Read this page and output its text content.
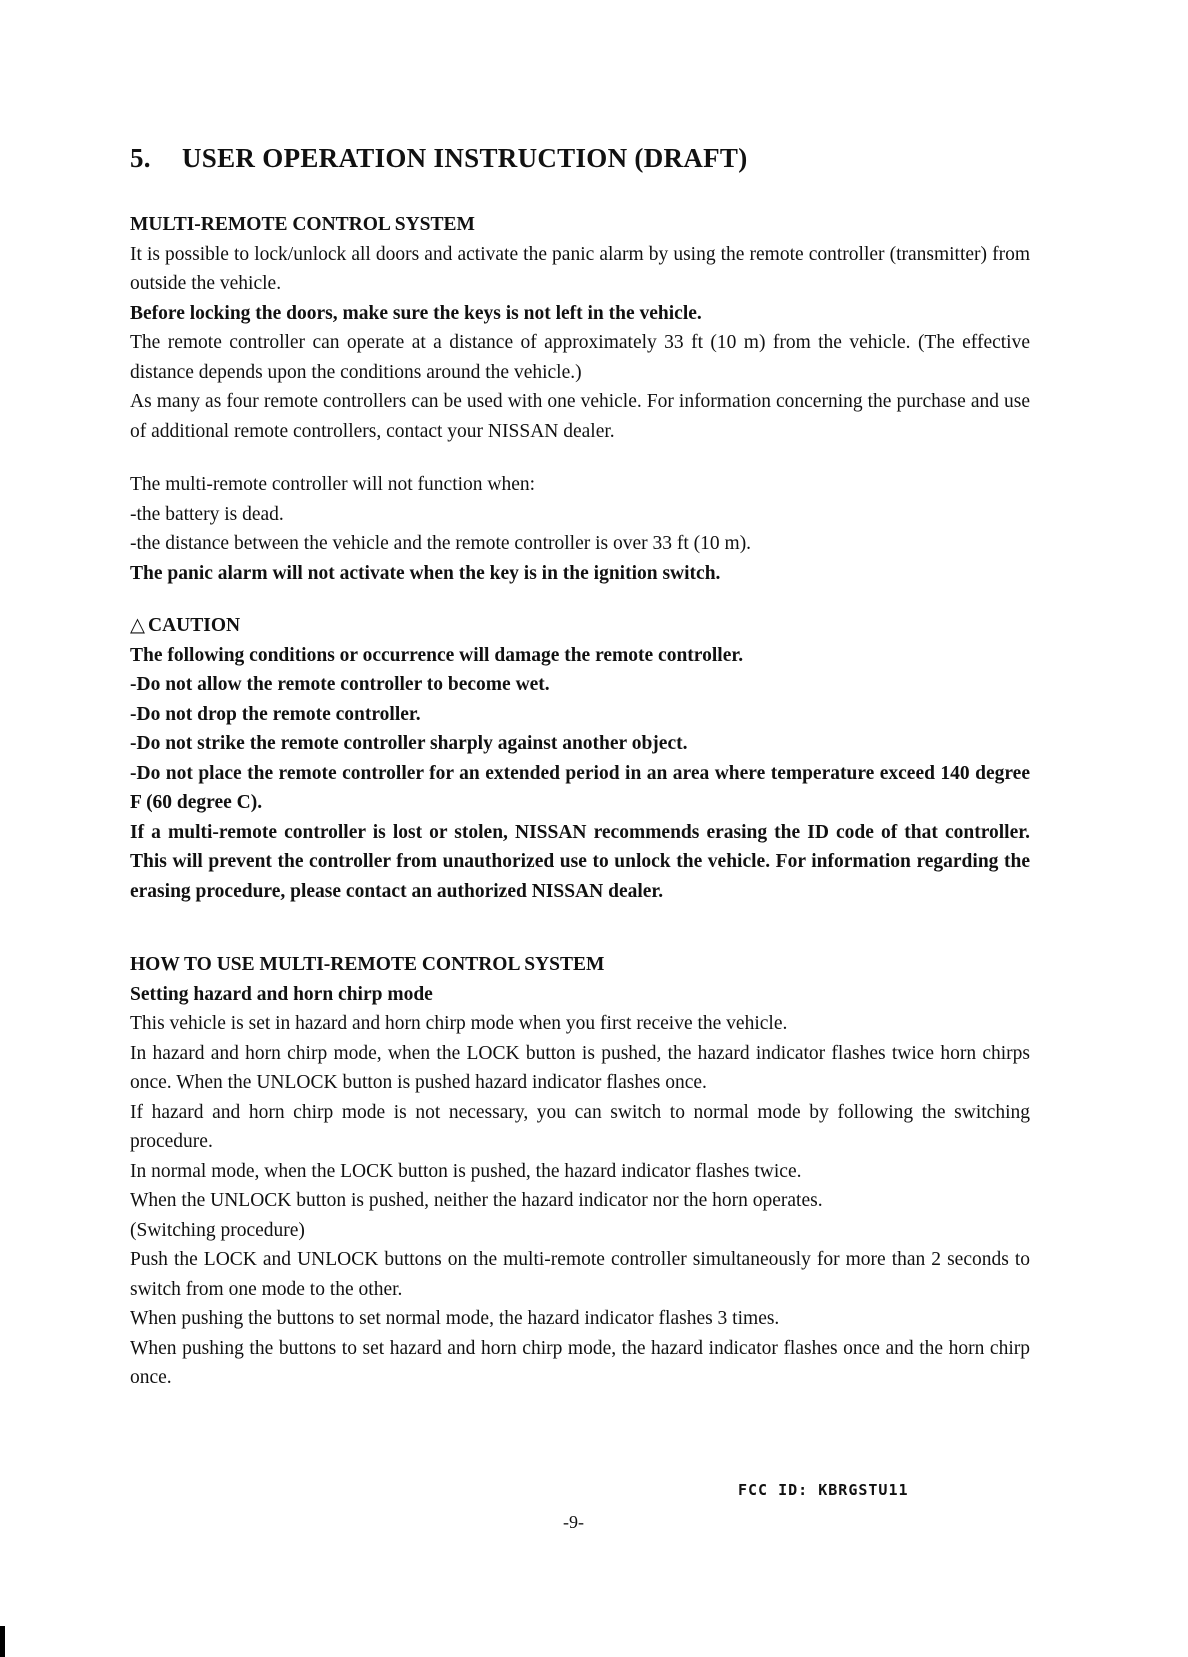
5. USER OPERATION INSTRUCTION (DRAFT)

MULTI-REMOTE CONTROL SYSTEM

It is possible to lock/unlock all doors and activate the panic alarm by using the remote controller (transmitter) from outside the vehicle.

Before locking the doors, make sure the keys is not left in the vehicle.

The remote controller can operate at a distance of approximately 33 ft (10 m) from the vehicle. (The effective distance depends upon the conditions around the vehicle.)

As many as four remote controllers can be used with one vehicle. For information concerning the purchase and use of additional remote controllers, contact your NISSAN dealer.

The multi-remote controller will not function when:

-the battery is dead.

-the distance between the vehicle and the remote controller is over 33 ft (10 m).

The panic alarm will not activate when the key is in the ignition switch.

△ CAUTION

The following conditions or occurrence will damage the remote controller.

-Do not allow the remote controller to become wet.

-Do not drop the remote controller.

-Do not strike the remote controller sharply against another object.

-Do not place the remote controller for an extended period in an area where temperature exceed 140 degree F (60 degree C).

If a multi-remote controller is lost or stolen, NISSAN recommends erasing the ID code of that controller. This will prevent the controller from unauthorized use to unlock the vehicle. For information regarding the erasing procedure, please contact an authorized NISSAN dealer.

HOW TO USE MULTI-REMOTE CONTROL SYSTEM

Setting hazard and horn chirp mode

This vehicle is set in hazard and horn chirp mode when you first receive the vehicle.

In hazard and horn chirp mode, when the LOCK button is pushed, the hazard indicator flashes twice horn chirps once. When the UNLOCK button is pushed hazard indicator flashes once.

If hazard and horn chirp mode is not necessary, you can switch to normal mode by following the switching procedure.

In normal mode, when the LOCK button is pushed, the hazard indicator flashes twice.

When the UNLOCK button is pushed, neither the hazard indicator nor the horn operates.

(Switching procedure)

Push the LOCK and UNLOCK buttons on the multi-remote controller simultaneously for more than 2 seconds to switch from one mode to the other.

When pushing the buttons to set normal mode, the hazard indicator flashes 3 times.

When pushing the buttons to set hazard and horn chirp mode, the hazard indicator flashes once and the horn chirp once.

FCC ID: KBRGSTU11
-9-
